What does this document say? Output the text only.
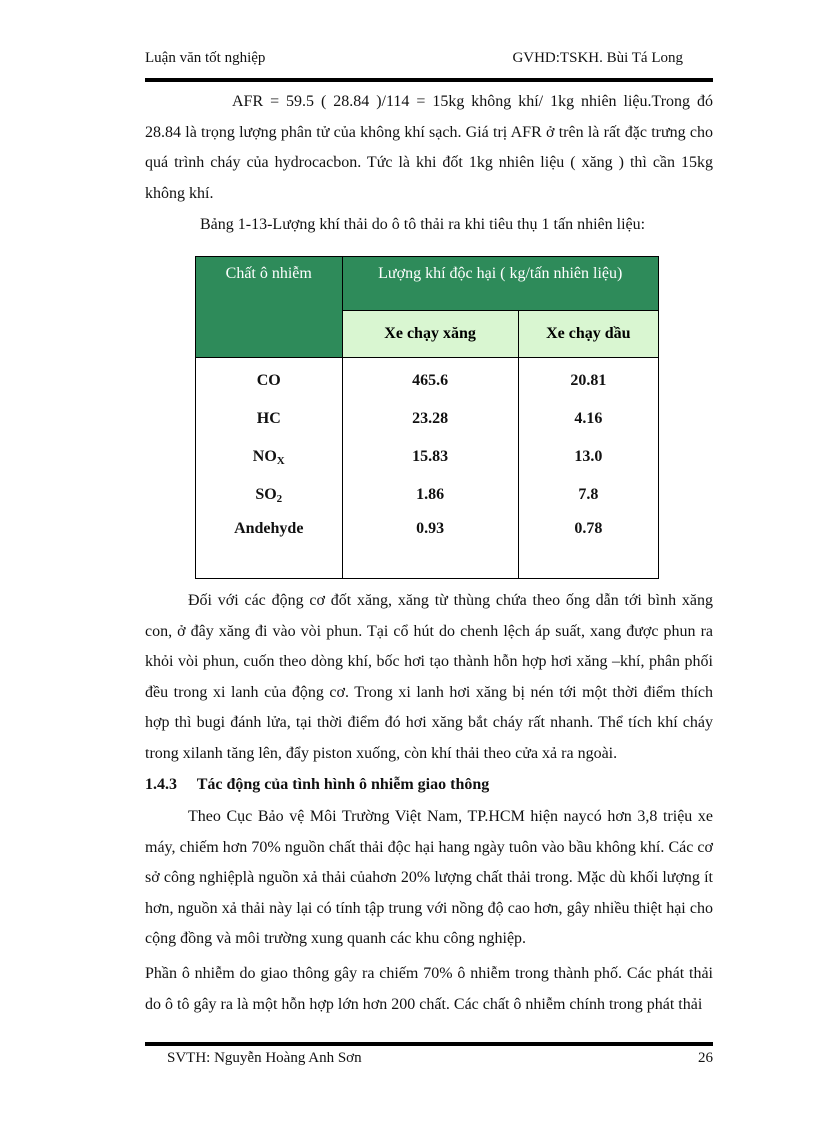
Luận văn tốt nghiệp	GVHD:TSKH. Bùi Tá Long

AFR = 59.5 ( 28.84 )/114 = 15kg không khí/ 1kg nhiên liệu.Trong đó 28.84 là trọng lượng phân tử của không khí sạch. Giá trị AFR ở trên là rất đặc trưng cho quá trình cháy của hydrocacbon. Tức là khi đốt 1kg nhiên liệu ( xăng ) thì cần 15kg không khí.

Bảng 1-13-Lượng khí thải do ô tô thải ra khi tiêu thụ 1 tấn nhiên liệu:
Chất ô nhiễm	Lượng khí độc hại ( kg/tấn nhiên liệu)	
	Xe chạy xăng	Xe chạy dầu
CO	465.6	20.81
HC	23.28	4.16
$NO_X$	15.83	13.0
$SO_2$	1.86	7.8
Andehyde	0.93	0.78

Đối với các động cơ đốt xăng, xăng từ thùng chứa theo ống dẫn tới bình xăng con, ở đây xăng đi vào vòi phun. Tại cổ hút do chenh lệch áp suất, xang được phun ra khỏi vòi phun, cuốn theo dòng khí, bốc hơi tạo thành hỗn hợp hơi xăng –khí, phân phối đều trong xi lanh của động cơ. Trong xi lanh hơi xăng bị nén tới một thời điểm thích hợp thì bugi đánh lửa, tại thời điểm đó hơi xăng bắt cháy rất nhanh. Thể tích khí cháy trong xilanh tăng lên, đẩy piston xuống, còn khí thải theo cửa xả ra ngoài.

1.4.3 Tác động của tình hình ô nhiễm giao thông

Theo Cục Bảo vệ Môi Trường Việt Nam, TP.HCM hiện naycó hơn 3,8 triệu xe máy, chiếm hơn 70% nguồn chất thải độc hại hang ngày tuôn vào bầu không khí. Các cơ sở công nghiệplà nguồn xả thải củahơn 20% lượng chất thải trong. Mặc dù khối lượng ít hơn, nguồn xả thải này lại có tính tập trung với nồng độ cao hơn, gây nhiều thiệt hại cho cộng đồng và môi trường xung quanh các khu công nghiệp.

Phần ô nhiễm do giao thông gây ra chiếm 70% ô nhiễm trong thành phố. Các phát thải do ô tô gây ra là một hỗn hợp lớn hơn 200 chất. Các chất ô nhiễm chính trong phát thải

SVTH: Nguyễn Hoàng Anh Sơn	26
